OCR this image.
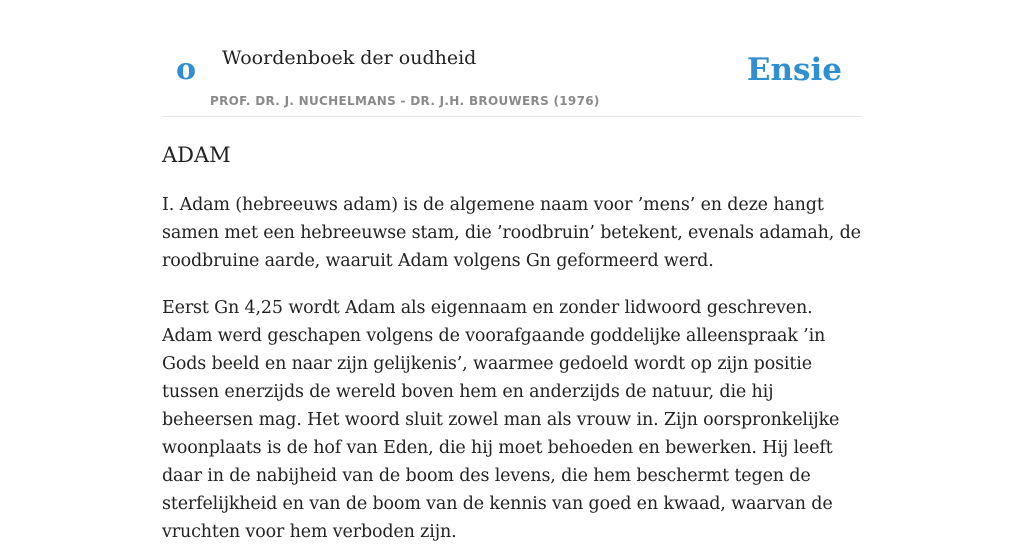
o Woordenboek der oudheid
PROF. DR. J. NUCHELMANS - DR. J.H. BROUWERS (1976)
Ensie
ADAM

I. Adam (hebreeuws adam) is de algemene naam voor ’mens’ en deze hangt samen met een hebreeuwse stam, die ’roodbruin’ betekent, evenals adamah, de roodbruine aarde, waaruit Adam volgens Gn geformeerd werd.

Eerst Gn 4,25 wordt Adam als eigennaam en zonder lidwoord geschreven. Adam werd geschapen volgens de voorafgaande goddelijke alleenspraak ’in Gods beeld en naar zijn gelijkenis’, waarmee gedoeld wordt op zijn positie tussen enerzijds de wereld boven hem en anderzijds de natuur, die hij beheersen mag. Het woord sluit zowel man als vrouw in. Zijn oorspronkelijke woonplaats is de hof van Eden, die hij moet behoeden en bewerken. Hij leeft daar in de nabijheid van de boom des levens, die hem beschermt tegen de sterfelijkheid en van de boom van de kennis van goed en kwaad, waarvan de vruchten voor hem verboden zijn.
